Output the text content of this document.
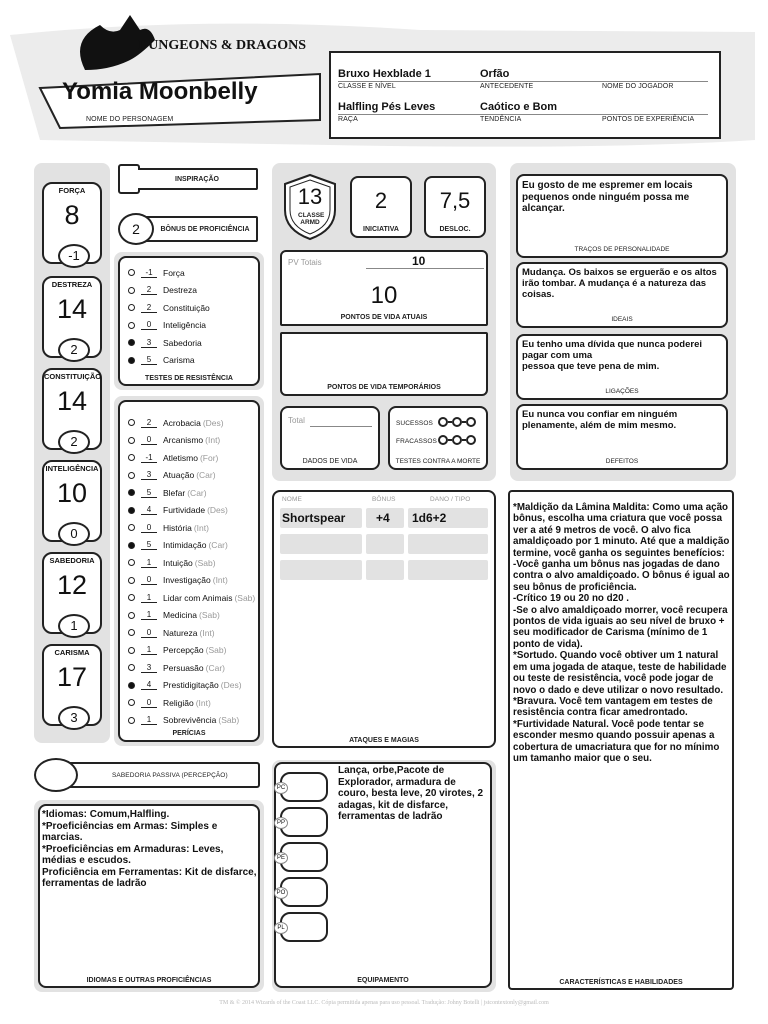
DUNGEONS & DRAGONS
Yomia Moonbelly
NOME DO PERSONAGEM
Bruxo Hexblade 1
CLASSE E NÍVEL
Orfão
ANTECEDENTE	NOME DO JOGADOR
Halfling Pés Leves
RAÇA
Caótico e Bom
TENDÊNCIA	PONTOS DE EXPERIÊNCIA
FORÇA
8
-1
DESTREZA
14
2
CONSTITUIÇÃO
14
2
INTELIGÊNCIA
10
0
SABEDORIA
12
1
CARISMA
17
3
INSPIRAÇÃO
BÔNUS DE PROFICIÊNCIA
2
-1	Força
2	Destreza
2	Constituição
0	Inteligência
3	Sabedoria
5	Carisma
TESTES DE RESISTÊNCIA
2	Acrobacia (Des)
0	Arcanismo (Int)
-1	Atletismo (For)
3	Atuação (Car)
5	Blefar (Car)
4	Furtividade (Des)
0	História (Int)
5	Intimidação (Car)
1	Intuição (Sab)
0	Investigação (Int)
1	Lidar com Animais (Sab)
1	Medicina (Sab)
0	Natureza (Int)
1	Percepção (Sab)
3	Persuasão (Car)
4	Prestidigitação (Des)
0	Religião (Int)
1	Sobrevivência (Sab)
PERÍCIAS
SABEDORIA PASSIVA (PERCEPÇÃO)
*Idiomas: Comum,Halfling.
*Proeficiências em Armas: Simples e marcias.
*Proeficiências em Armaduras: Leves, médias e escudos.
Proficiência em Ferramentas: Kit de disfarce, ferramentas de ladrão
IDIOMAS E OUTRAS PROFICIÊNCIAS
13
CLASSE ARMD
2
INICIATIVA
7,5
DESLOC.
PV Totais	10
10
PONTOS DE VIDA ATUAIS
PONTOS DE VIDA TEMPORÁRIOS
Total
DADOS DE VIDA
SUCESSOS
FRACASSOS
TESTES CONTRA A MORTE
NOME	BÔNUS	DANO / TIPO
Shortspear	+4 1d6+2
ATAQUES E MAGIAS
Lança, orbe,Pacote de Explorador, armadura de couro, besta leve, 20 virotes, 2 adagas, kit de disfarce, ferramentas de ladrão
PC
PP
PE
PO
PL
EQUIPAMENTO
Eu gosto de me espremer em locais pequenos onde ninguém possa me alcançar.
TRAÇOS DE PERSONALIDADE
Mudança. Os baixos se erguerão e os altos irão tombar. A mudança é a natureza das coisas.
IDEAIS
Eu tenho uma dívida que nunca poderei pagar com uma
pessoa que teve pena de mim.
LIGAÇÕES
Eu nunca vou confiar em ninguém plenamente, além de mim mesmo.
DEFEITOS
*Maldição da Lâmina Maldita: Como uma ação bônus, escolha uma criatura que você possa ver a até 9 metros de você. O alvo fica amaldiçoado por 1 minuto. Até que a maldição termine, você ganha os seguintes benefícios:
-Você ganha um bônus nas jogadas de dano contra o alvo amaldiçoado. O bônus é igual ao seu bônus de proficiência.
-Crítico 19 ou 20 no d20 .
-Se o alvo amaldiçoado morrer, você recupera pontos de vida iguais ao seu nível de bruxo + seu modificador de Carisma (mínimo de 1 ponto de vida).
*Sortudo. Quando você obtiver um 1 natural em uma jogada de ataque, teste de habilidade ou teste de resistência, você pode jogar de novo o dado e deve utilizar o novo resultado.
*Bravura. Você tem vantagem em testes de resistência contra ficar amedrontado.
*Furtividade Natural. Você pode tentar se esconder mesmo quando possuir apenas a cobertura de umacriatura que for no mínimo um tamanho maior que o seu.
CARACTERÍSTICAS E HABILIDADES
TM & © 2014 Wizards of the Coast LLC. Cópia permitida apenas para uso pessoal. Tradução: Johny Botelli | jstcontextonly@gmail.com
